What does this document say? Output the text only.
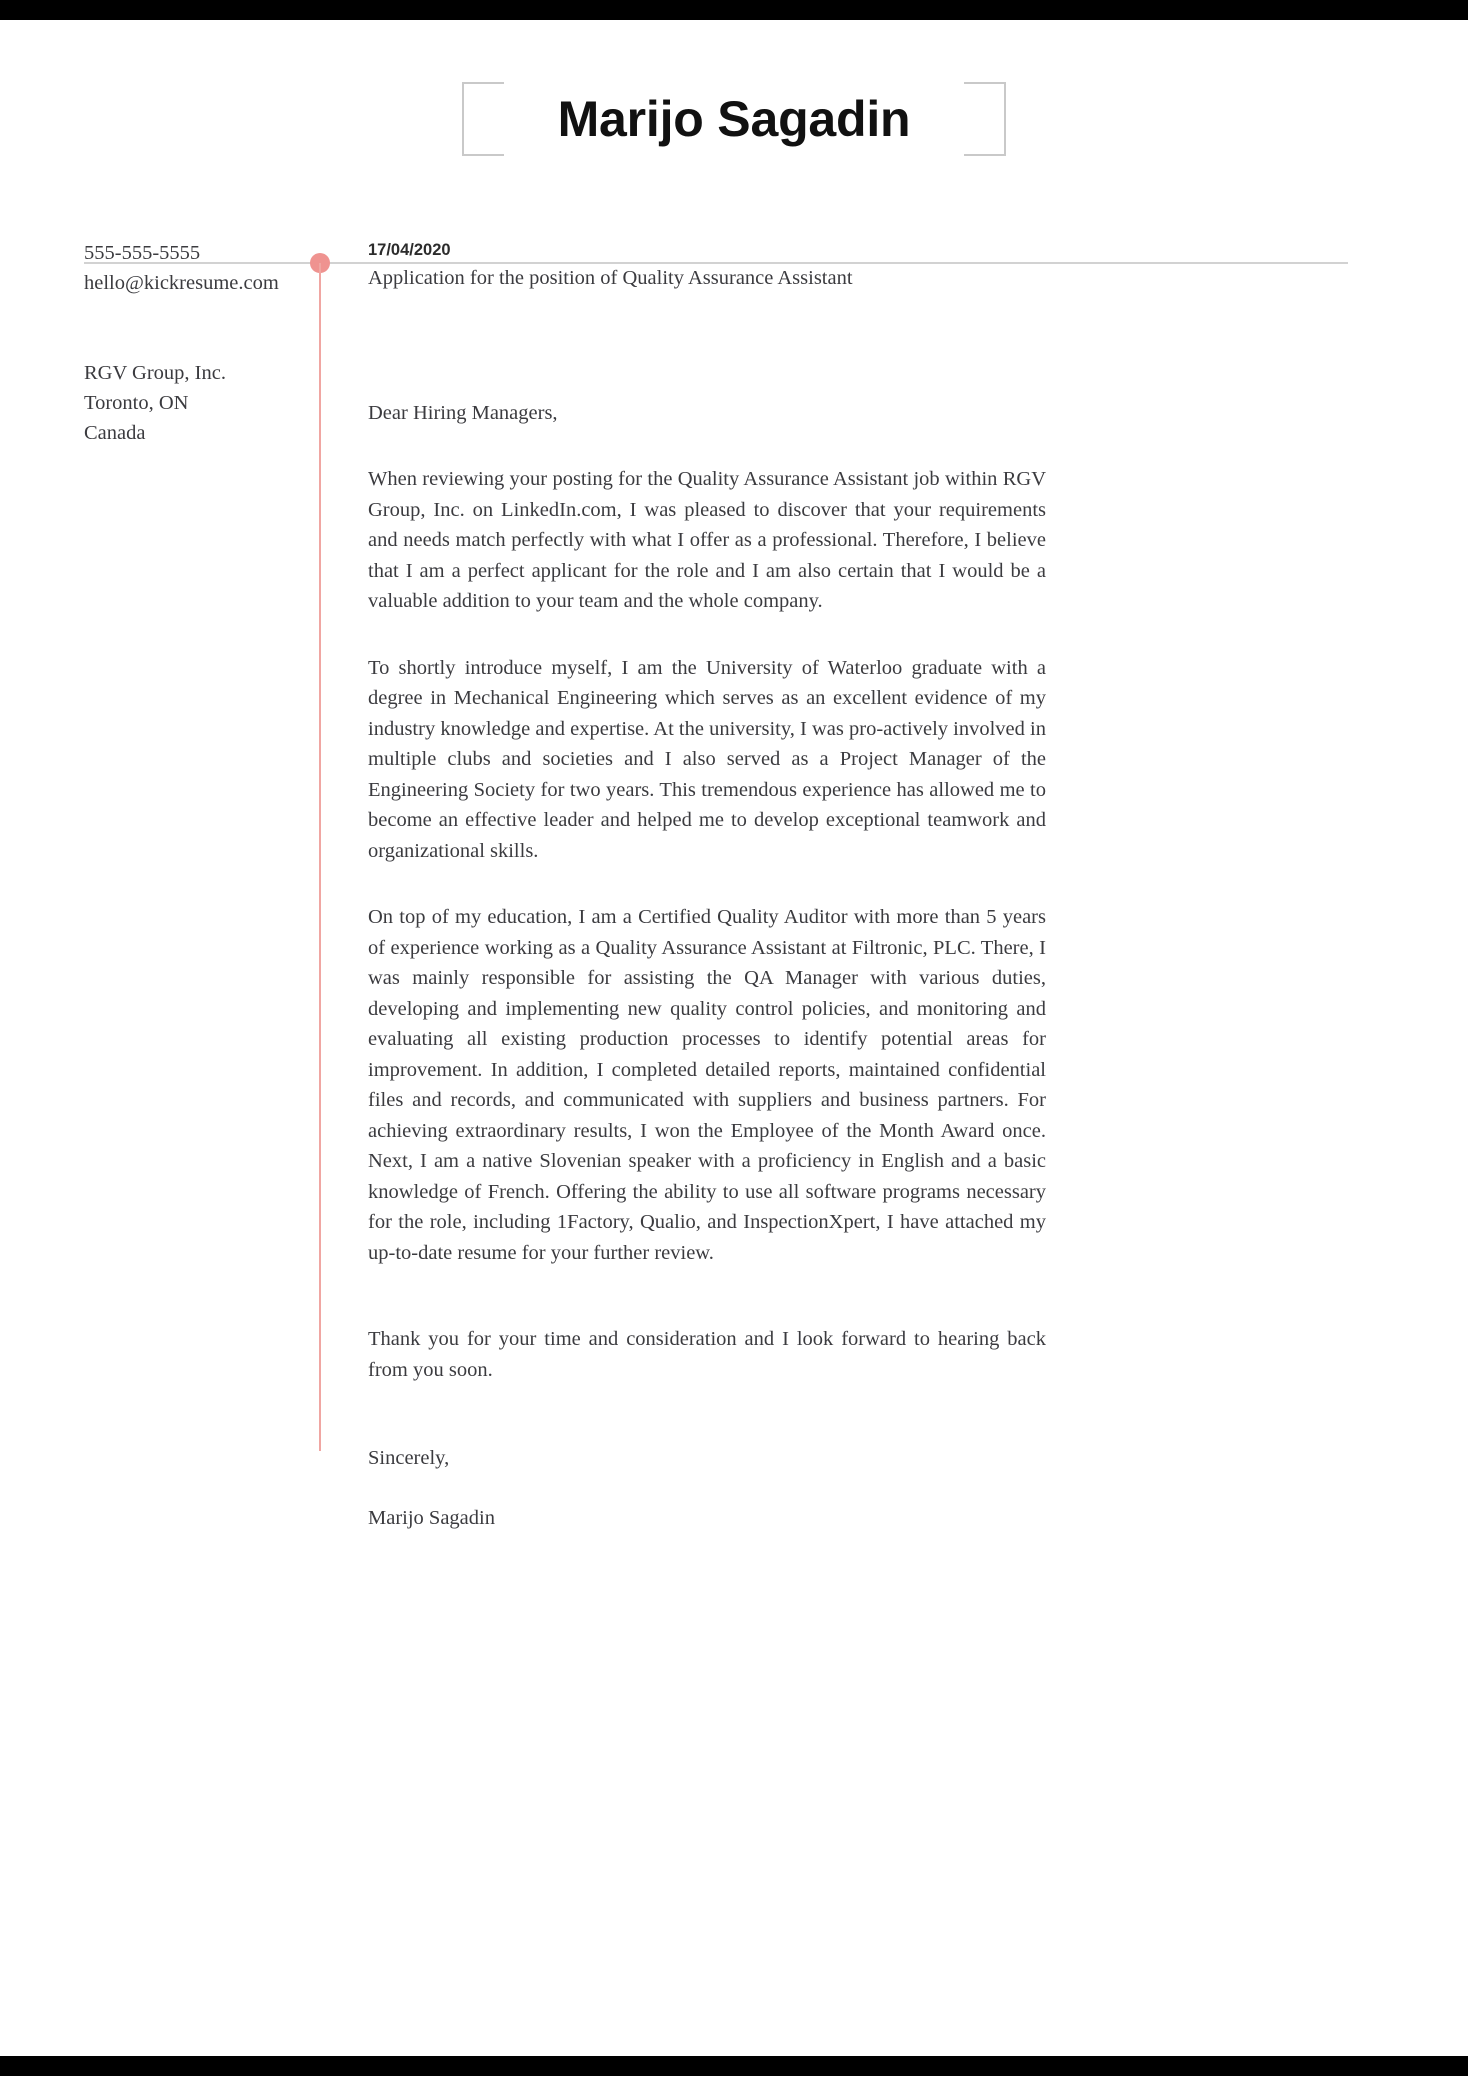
Marijo Sagadin
555-555-5555
hello@kickresume.com
RGV Group, Inc.
Toronto, ON
Canada

17/04/2020

Application for the position of Quality Assurance Assistant

Dear Hiring Managers,

When reviewing your posting for the Quality Assurance Assistant job within RGV Group, Inc. on LinkedIn.com, I was pleased to discover that your requirements and needs match perfectly with what I offer as a professional. Therefore, I believe that I am a perfect applicant for the role and I am also certain that I would be a valuable addition to your team and the whole company.

To shortly introduce myself, I am the University of Waterloo graduate with a degree in Mechanical Engineering which serves as an excellent evidence of my industry knowledge and expertise. At the university, I was pro-actively involved in multiple clubs and societies and I also served as a Project Manager of the Engineering Society for two years. This tremendous experience has allowed me to become an effective leader and helped me to develop exceptional teamwork and organizational skills.

On top of my education, I am a Certified Quality Auditor with more than 5 years of experience working as a Quality Assurance Assistant at Filtronic, PLC. There, I was mainly responsible for assisting the QA Manager with various duties, developing and implementing new quality control policies, and monitoring and evaluating all existing production processes to identify potential areas for improvement. In addition, I completed detailed reports, maintained confidential files and records, and communicated with suppliers and business partners. For achieving extraordinary results, I won the Employee of the Month Award once. Next, I am a native Slovenian speaker with a proficiency in English and a basic knowledge of French. Offering the ability to use all software programs necessary for the role, including 1Factory, Qualio, and InspectionXpert, I have attached my up-to-date resume for your further review.

Thank you for your time and consideration and I look forward to hearing back from you soon.

Sincerely,

Marijo Sagadin
